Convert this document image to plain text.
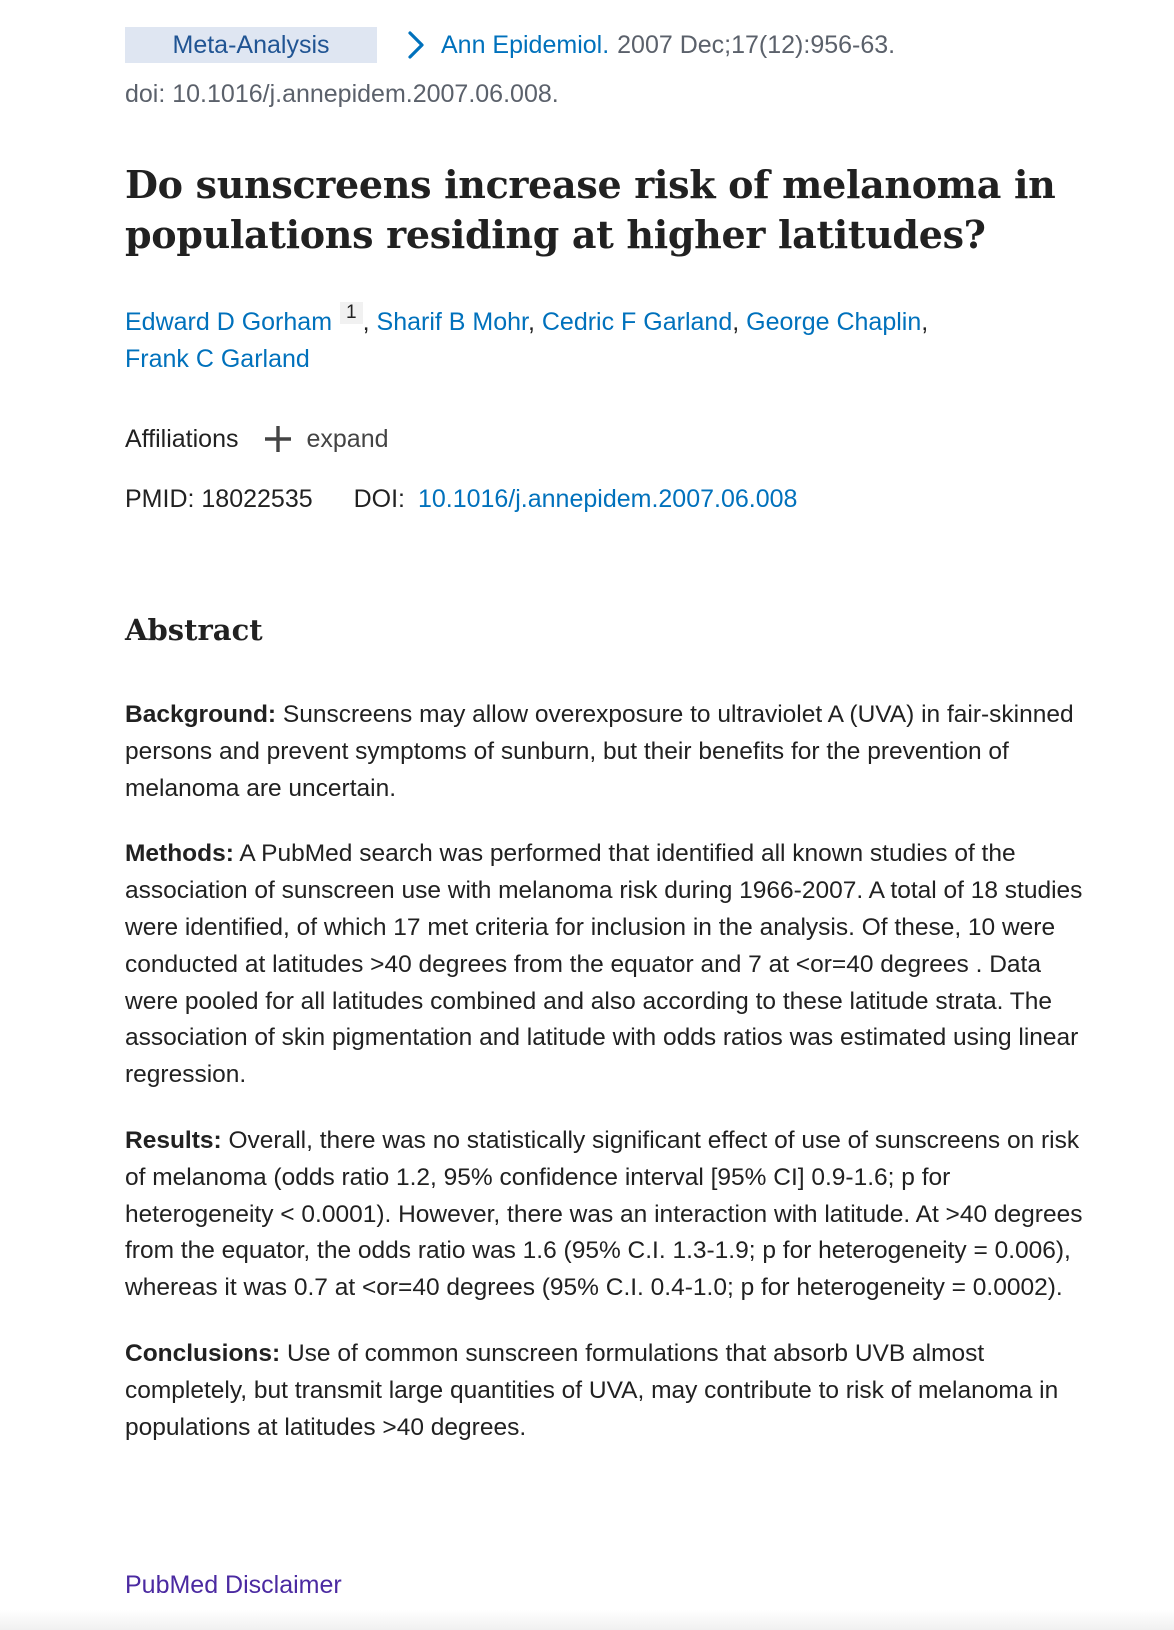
Meta-Analysis	Ann Epidemiol. 2007 Dec;17(12):956-63.
doi: 10.1016/j.annepidem.2007.06.008.
Do sunscreens increase risk of melanoma in populations residing at higher latitudes?
Edward D Gorham 1 , Sharif B Mohr, Cedric F Garland, George Chaplin,
Frank C Garland
Affiliations	expand
PMID: 18022535 DOI: 10.1016/j.annepidem.2007.06.008
Abstract

Background: Sunscreens may allow overexposure to ultraviolet A (UVA) in fair-skinned persons and prevent symptoms of sunburn, but their benefits for the prevention of melanoma are uncertain.

Methods: A PubMed search was performed that identified all known studies of the association of sunscreen use with melanoma risk during 1966-2007. A total of 18 studies were identified, of which 17 met criteria for inclusion in the analysis. Of these, 10 were conducted at latitudes >40 degrees from the equator and 7 at <or=40 degrees . Data were pooled for all latitudes combined and also according to these latitude strata. The association of skin pigmentation and latitude with odds ratios was estimated using linear regression.

Results: Overall, there was no statistically significant effect of use of sunscreens on risk of melanoma (odds ratio 1.2, 95% confidence interval [95% CI] 0.9-1.6; p for heterogeneity < 0.0001). However, there was an interaction with latitude. At >40 degrees from the equator, the odds ratio was 1.6 (95% C.I. 1.3-1.9; p for heterogeneity = 0.006), whereas it was 0.7 at <or=40 degrees (95% C.I. 0.4-1.0; p for heterogeneity = 0.0002).

Conclusions: Use of common sunscreen formulations that absorb UVB almost completely, but transmit large quantities of UVA, may contribute to risk of melanoma in populations at latitudes >40 degrees.

PubMed Disclaimer
